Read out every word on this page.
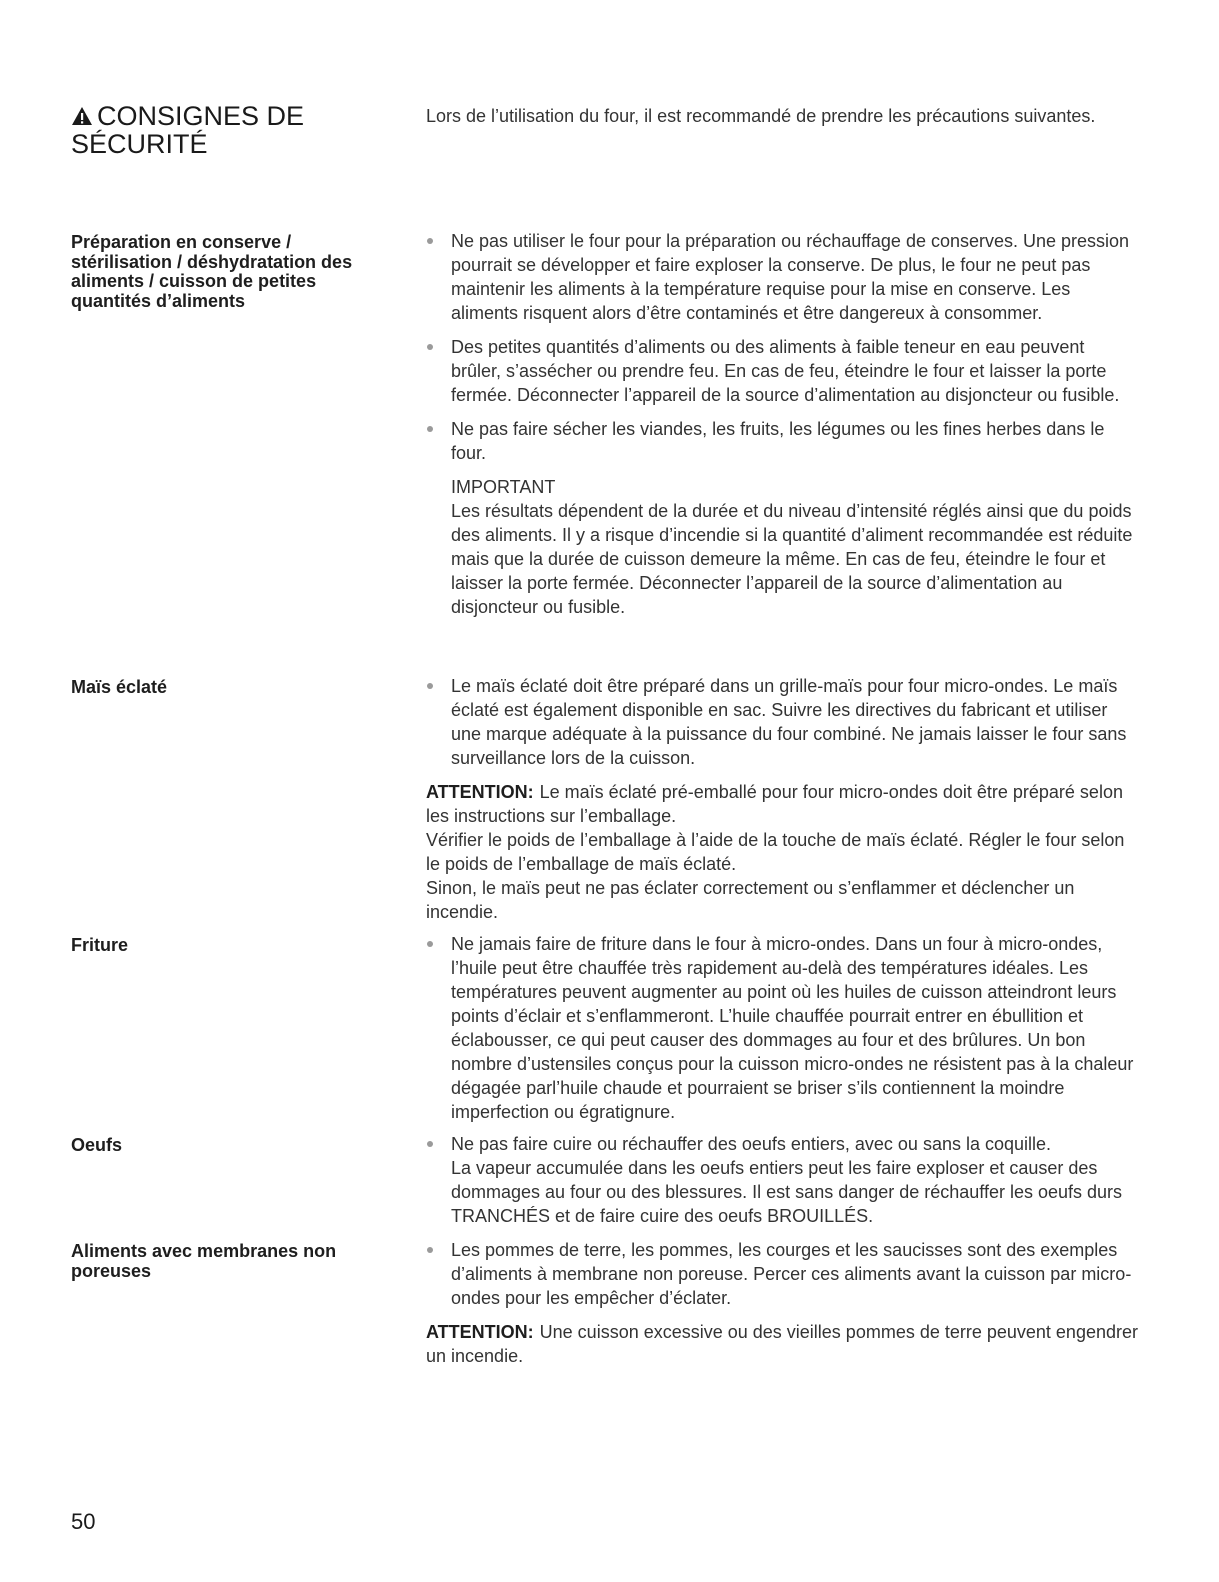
CONSIGNES DE
SÉCURITÉ

Lors de l’utilisation du four, il est recommandé de prendre les précautions suivantes.

Préparation en conserve / stérilisation / déshydratation des aliments / cuisson de petites quantités d’aliments

Ne pas utiliser le four pour la préparation ou réchauffage de conserves. Une pression pourrait se développer et faire exploser la conserve. De plus, le four ne peut pas maintenir les aliments à la température requise pour la mise en conserve. Les aliments risquent alors d’être contaminés et être dangereux à consommer.

Des petites quantités d’aliments ou des aliments à faible teneur en eau peuvent brûler, s’assécher ou prendre feu. En cas de feu, éteindre le four et laisser la porte fermée. Déconnecter l’appareil de la source d’alimentation au disjoncteur ou fusible.

Ne pas faire sécher les viandes, les fruits, les légumes ou les fines herbes dans le four.

IMPORTANT

Les résultats dépendent de la durée et du niveau d’intensité réglés ainsi que du poids des aliments. Il y a risque d’incendie si la quantité d’aliment recommandée est réduite mais que la durée de cuisson demeure la même. En cas de feu, éteindre le four et laisser la porte fermée. Déconnecter l’appareil de la source d’alimentation au disjoncteur ou fusible.

Maïs éclaté	Le maïs éclaté doit être préparé dans un grille-maïs pour four micro-ondes. Le maïs éclaté est également disponible en sac. Suivre les directives du fabricant et utiliser une marque adéquate à la puissance du four combiné. Ne jamais laisser le four sans surveillance lors de la cuisson.

ATTENTION: Le maïs éclaté pré-emballé pour four micro-ondes doit être préparé selon les instructions sur l’emballage.

Vérifier le poids de l’emballage à l’aide de la touche de maïs éclaté. Régler le four selon le poids de l’emballage de maïs éclaté.

Sinon, le maïs peut ne pas éclater correctement ou s’enflammer et déclencher un incendie.

Friture	Ne jamais faire de friture dans le four à micro-ondes. Dans un four à micro-ondes, l’huile peut être chauffée très rapidement au-delà des températures idéales. Les températures peuvent augmenter au point où les huiles de cuisson atteindront leurs points d’éclair et s’enflammeront. L’huile chauffée pourrait entrer en ébullition et éclabousser, ce qui peut causer des dommages au four et des brûlures. Un bon nombre d’ustensiles conçus pour la cuisson micro-ondes ne résistent pas à la chaleur dégagée parl’huile chaude et pourraient se briser s’ils contiennent la moindre imperfection ou égratignure.

Oeufs	Ne pas faire cuire ou réchauffer des oeufs entiers, avec ou sans la coquille.
La vapeur accumulée dans les oeufs entiers peut les faire exploser et causer des dommages au four ou des blessures. Il est sans danger de réchauffer les oeufs durs TRANCHÉS et de faire cuire des oeufs BROUILLÉS.

Aliments avec membranes non poreuses

Les pommes de terre, les pommes, les courges et les saucisses sont des exemples d’aliments à membrane non poreuse. Percer ces aliments avant la cuisson par micro-ondes pour les empêcher d’éclater.

ATTENTION: Une cuisson excessive ou des vieilles pommes de terre peuvent engendrer un incendie.

50
